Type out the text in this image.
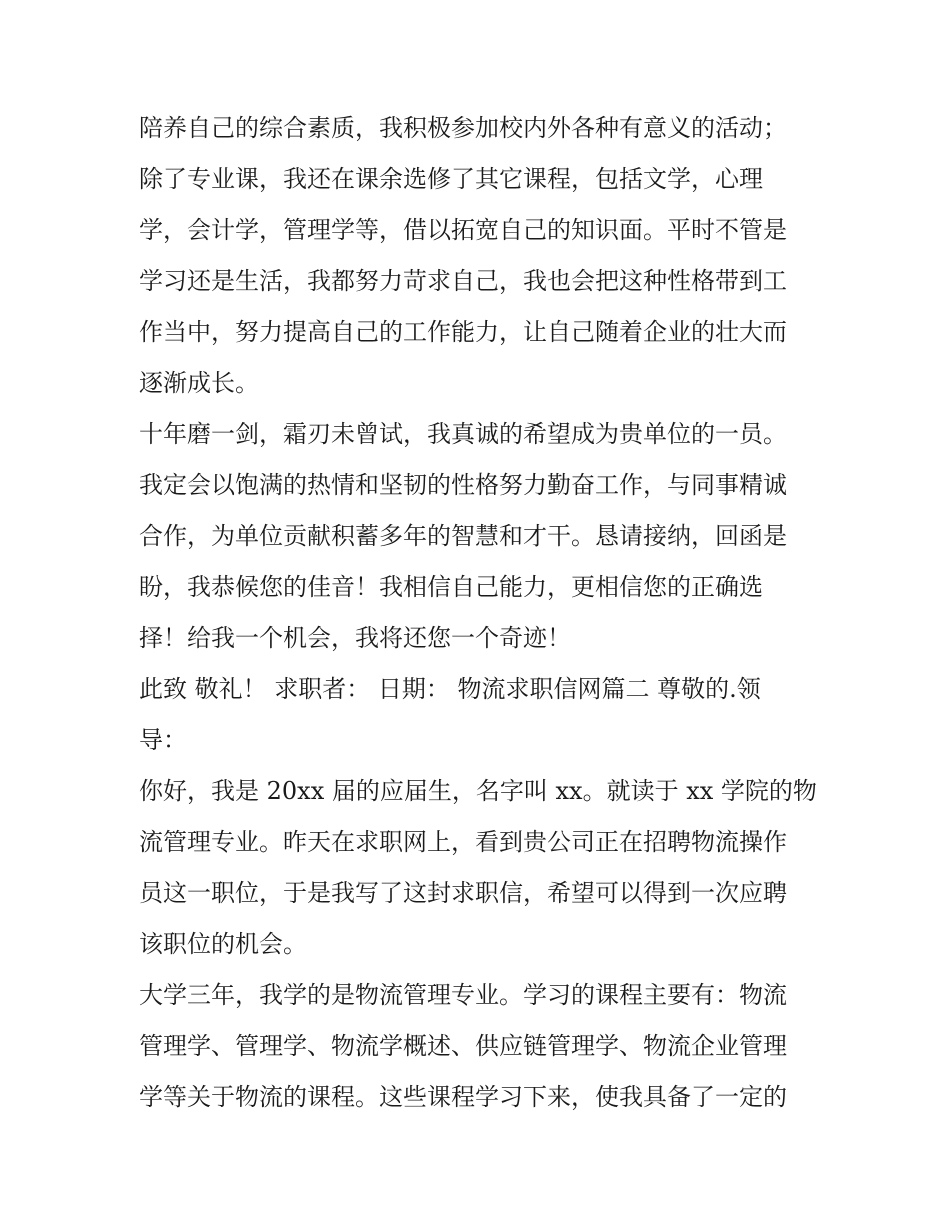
陪养自己的综合素质，我积极参加校内外各种有意义的活动；
除了专业课，我还在课余选修了其它课程，包括文学，心理
学，会计学，管理学等，借以拓宽自己的知识面。平时不管是
学习还是生活，我都努力苛求自己，我也会把这种性格带到工
作当中，努力提高自己的工作能力，让自己随着企业的壮大而
逐渐成长。
十年磨一剑，霜刃未曾试，我真诚的希望成为贵单位的一员。
我定会以饱满的热情和坚韧的性格努力勤奋工作，与同事精诚
合作，为单位贡献积蓄多年的智慧和才干。恳请接纳，回函是
盼，我恭候您的佳音！我相信自己能力，更相信您的正确选
择！给我一个机会，我将还您一个奇迹！
此致 敬礼！ 求职者： 日期： 物流求职信网篇二 尊敬的.领
导：
你好，我是 20xx 届的应届生，名字叫 xx。就读于 xx 学院的物
流管理专业。昨天在求职网上，看到贵公司正在招聘物流操作
员这一职位，于是我写了这封求职信，希望可以得到一次应聘
该职位的机会。
大学三年，我学的是物流管理专业。学习的课程主要有：物流
管理学、管理学、物流学概述、供应链管理学、物流企业管理
学等关于物流的课程。这些课程学习下来，使我具备了一定的
